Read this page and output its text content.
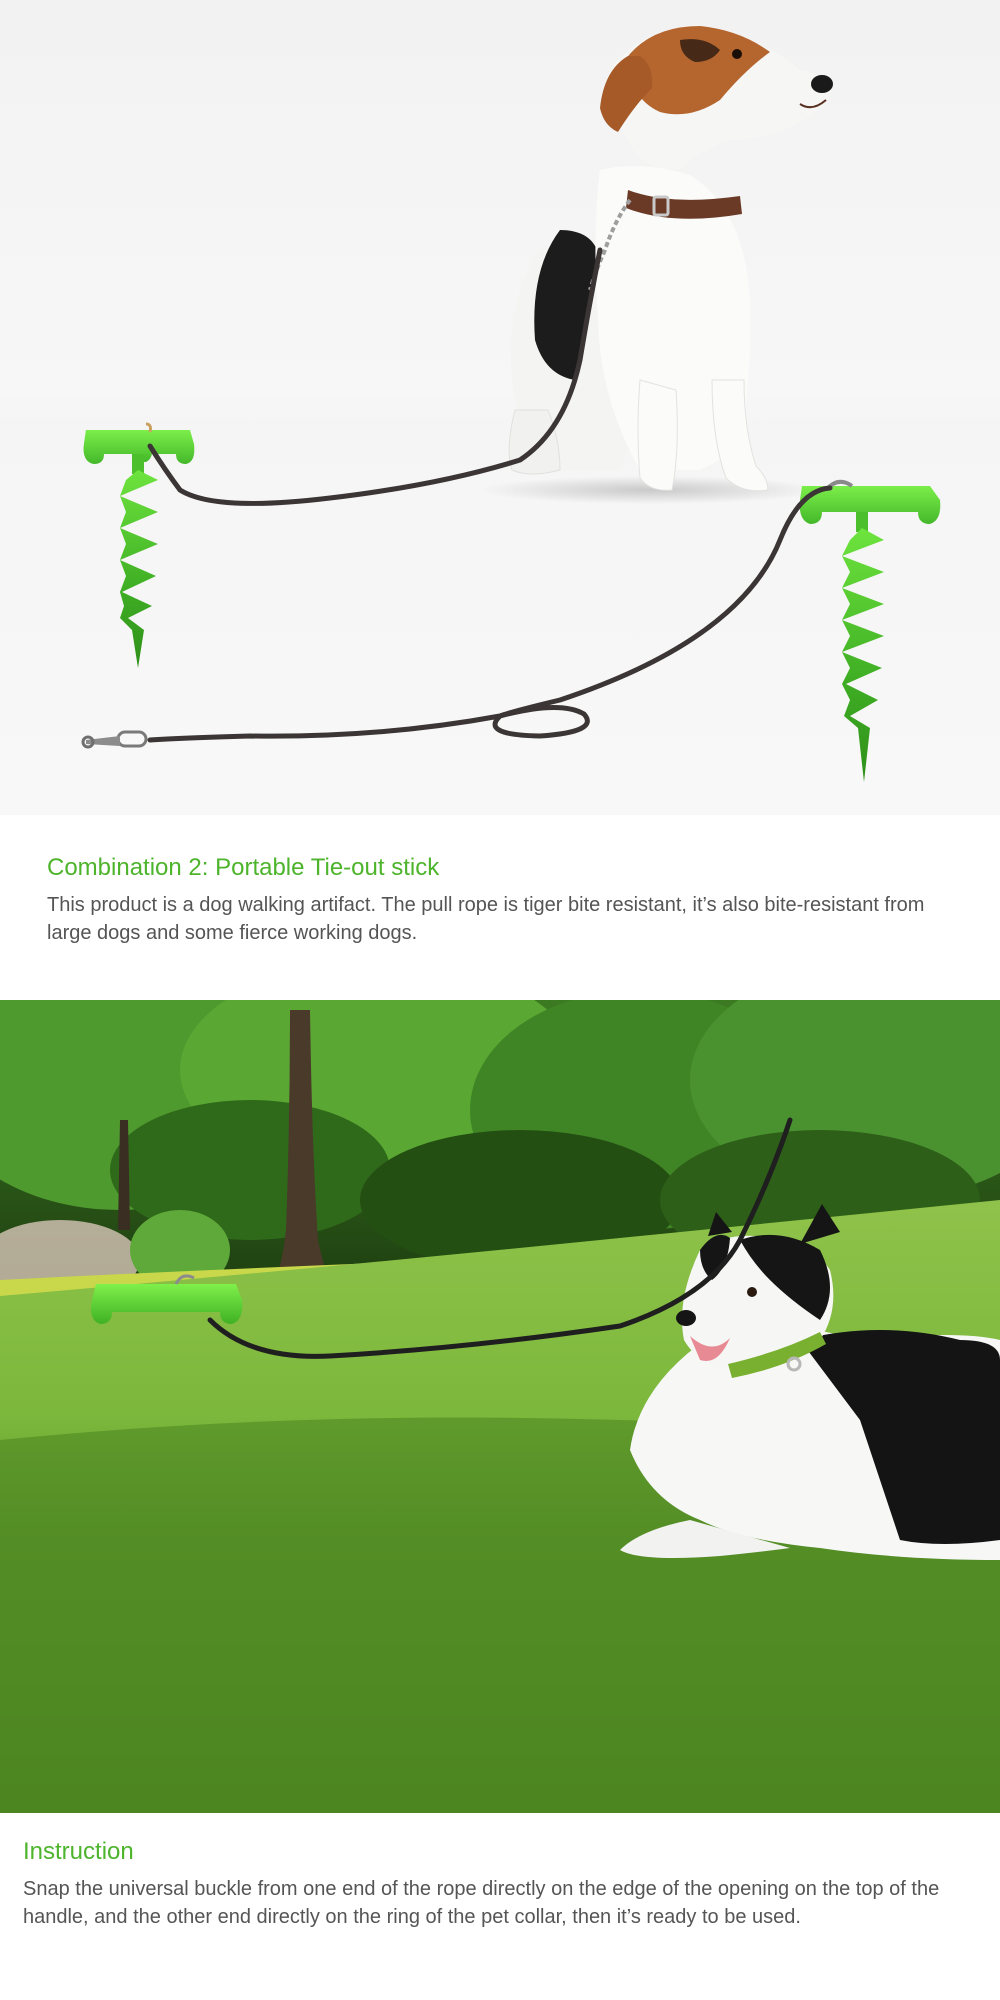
Combination 2: Portable Tie-out stick

This product is a dog walking artifact. The pull rope is tiger bite resistant, it’s also bite-resistant from large dogs and some fierce working dogs.

Instruction

Snap the universal buckle from one end of the rope directly on the edge of the opening on the top of the handle, and the other end directly on the ring of the pet collar, then it’s ready to be used.
